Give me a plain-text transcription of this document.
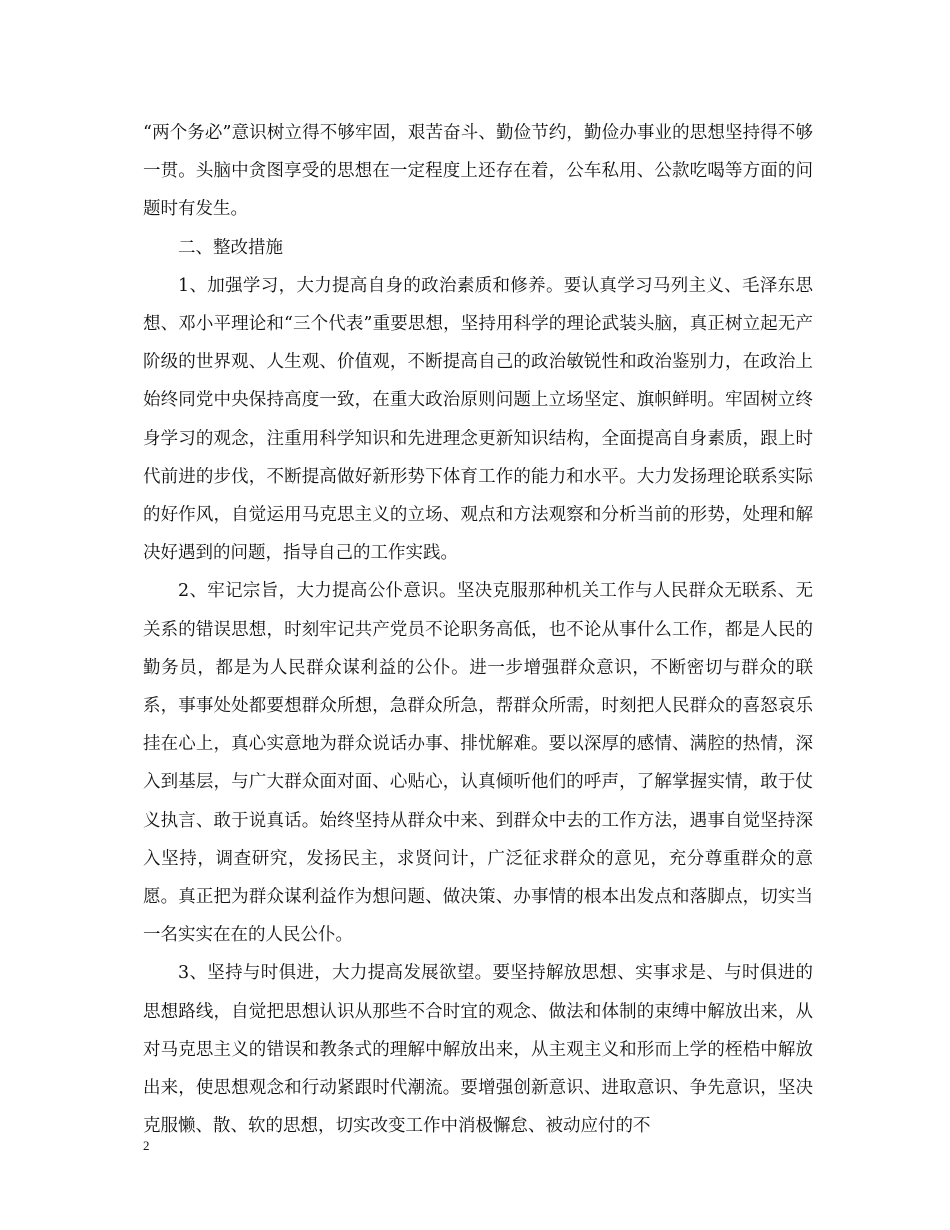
“两个务必”意识树立得不够牢固，艰苦奋斗、勤俭节约，勤俭办事业的思想坚持得不够一贯。头脑中贪图享受的思想在一定程度上还存在着，公车私用、公款吃喝等方面的问题时有发生。

二、整改措施

1、加强学习，大力提高自身的政治素质和修养。要认真学习马列主义、毛泽东思想、邓小平理论和“三个代表”重要思想，坚持用科学的理论武装头脑，真正树立起无产阶级的世界观、人生观、价值观，不断提高自己的政治敏锐性和政治鉴别力，在政治上始终同党中央保持高度一致，在重大政治原则问题上立场坚定、旗帜鲜明。牢固树立终身学习的观念，注重用科学知识和先进理念更新知识结构，全面提高自身素质，跟上时代前进的步伐，不断提高做好新形势下体育工作的能力和水平。大力发扬理论联系实际的好作风，自觉运用马克思主义的立场、观点和方法观察和分析当前的形势，处理和解决好遇到的问题，指导自己的工作实践。

2、牢记宗旨，大力提高公仆意识。坚决克服那种机关工作与人民群众无联系、无关系的错误思想，时刻牢记共产党员不论职务高低，也不论从事什么工作，都是人民的勤务员，都是为人民群众谋利益的公仆。进一步增强群众意识，不断密切与群众的联系，事事处处都要想群众所想，急群众所急，帮群众所需，时刻把人民群众的喜怒哀乐挂在心上，真心实意地为群众说话办事、排忧解难。要以深厚的感情、满腔的热情，深入到基层，与广大群众面对面、心贴心，认真倾听他们的呼声，了解掌握实情，敢于仗义执言、敢于说真话。始终坚持从群众中来、到群众中去的工作方法，遇事自觉坚持深入坚持，调查研究，发扬民主，求贤问计，广泛征求群众的意见，充分尊重群众的意愿。真正把为群众谋利益作为想问题、做决策、办事情的根本出发点和落脚点，切实当一名实实在在的人民公仆。

3、坚持与时俱进，大力提高发展欲望。要坚持解放思想、实事求是、与时俱进的思想路线，自觉把思想认识从那些不合时宜的观念、做法和体制的束缚中解放出来，从对马克思主义的错误和教条式的理解中解放出来，从主观主义和形而上学的桎梏中解放出来，使思想观念和行动紧跟时代潮流。要增强创新意识、进取意识、争先意识，坚决克服懒、散、软的思想，切实改变工作中消极懈怠、被动应付的不

2
